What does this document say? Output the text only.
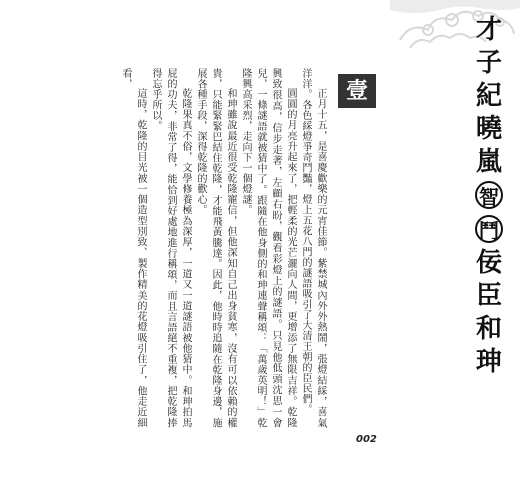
才
子
紀
曉
嵐
智 鬥
佞
臣
和
珅
壹

正月十五，是喜慶歡樂的元宵佳節。紫禁城內外外熱鬧，張燈結綵，喜氣洋洋。各色綵燈爭奇鬥豔，燈上五花八門的謎語吸引了大清王朝的臣民們。

圓圓的月亮升起來了，把輕柔的光芒灑向人間，更增添了無限吉祥。乾隆興致很高，信步走著，左顧右盼，觀看彩燈上的謎語。只見他低頭沈思一會兒，一條謎語就被猜中了。跟隨在他身側的和珅連聲稱頌：「萬歲英明！」乾隆興高采烈，走向下一個燈謎。

和珅雖說最近很受乾隆寵信，但他深知自己出身貧寒，沒有可以依賴的權貴，只能緊緊巴結住乾隆，才能飛黃騰達。因此，他時時追隨在乾隆身邊，施展各種手段，深得乾隆的歡心。

乾隆果真不俗，文學修養極為深厚，一道又一道謎語被他猜中。和珅拍馬屁的功夫，非常了得，能恰到好處地進行稱頌，而且言語絕不重複，把乾隆捧得忘乎所以。

這時，乾隆的目光被一個造型別致、製作精美的花燈吸引住了，他走近細看，

002
